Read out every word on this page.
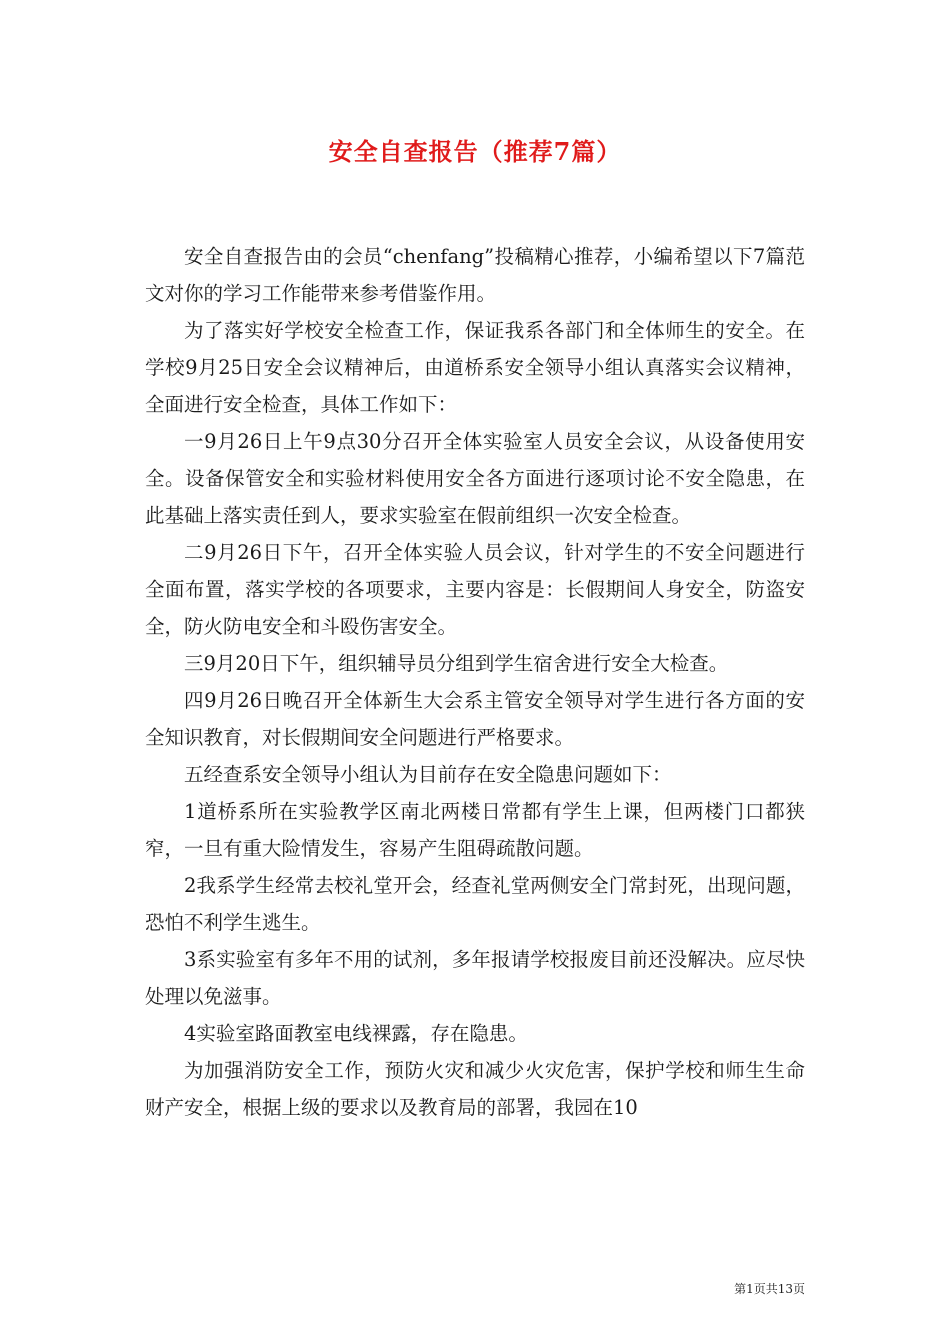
安全自查报告（推荐7篇）

安全自查报告由的会员“chenfang”投稿精心推荐，小编希望以下7篇范文对你的学习工作能带来参考借鉴作用。

为了落实好学校安全检查工作，保证我系各部门和全体师生的安全。在学校9月25日安全会议精神后，由道桥系安全领导小组认真落实会议精神，全面进行安全检查，具体工作如下：

一9月26日上午9点30分召开全体实验室人员安全会议，从设备使用安全。设备保管安全和实验材料使用安全各方面进行逐项讨论不安全隐患，在此基础上落实责任到人，要求实验室在假前组织一次安全检查。

二9月26日下午，召开全体实验人员会议，针对学生的不安全问题进行全面布置，落实学校的各项要求，主要内容是：长假期间人身安全，防盗安全，防火防电安全和斗殴伤害安全。

三9月20日下午，组织辅导员分组到学生宿舍进行安全大检查。

四9月26日晚召开全体新生大会系主管安全领导对学生进行各方面的安全知识教育，对长假期间安全问题进行严格要求。

五经查系安全领导小组认为目前存在安全隐患问题如下：

1道桥系所在实验教学区南北两楼日常都有学生上课，但两楼门口都狭窄，一旦有重大险情发生，容易产生阻碍疏散问题。

2我系学生经常去校礼堂开会，经查礼堂两侧安全门常封死，出现问题，恐怕不利学生逃生。

3系实验室有多年不用的试剂，多年报请学校报废目前还没解决。应尽快处理以免滋事。

4实验室路面教室电线裸露，存在隐患。

为加强消防安全工作，预防火灾和减少火灾危害，保护学校和师生生命财产安全，根据上级的要求以及教育局的部署，我园在10

第1页共13页
